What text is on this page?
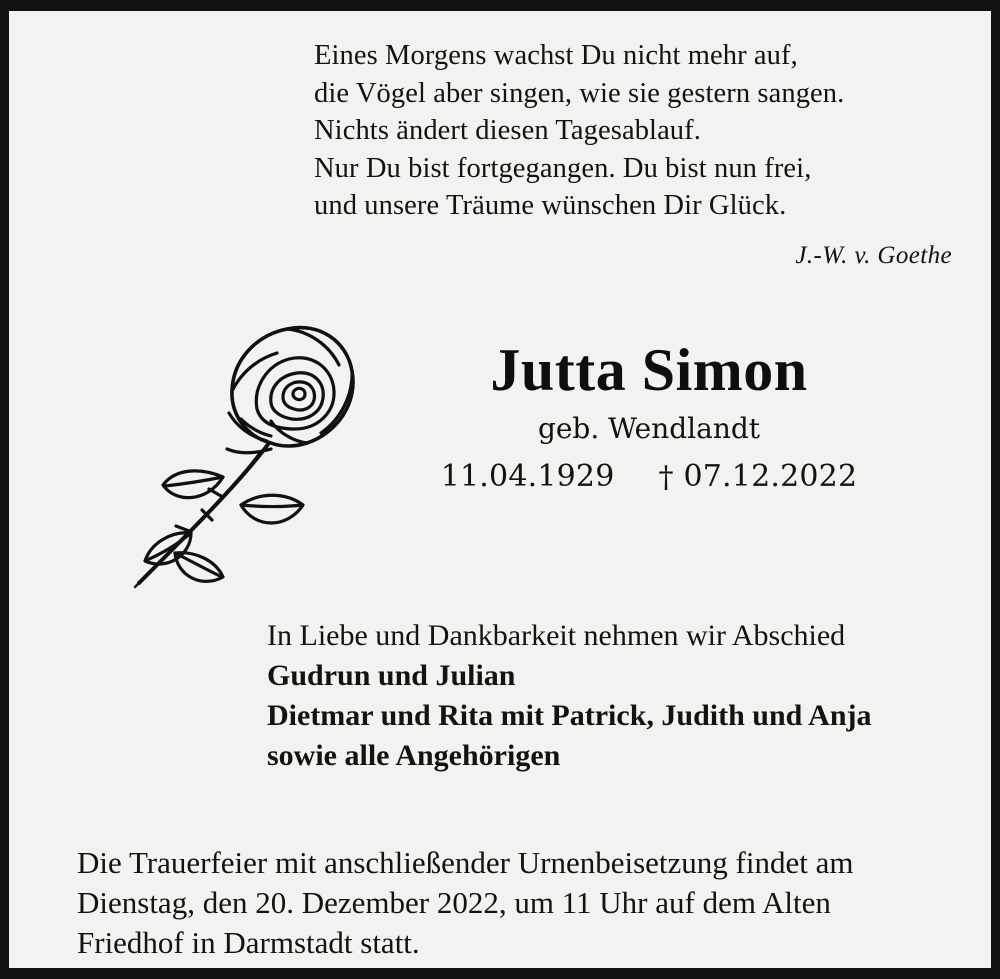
Eines Morgens wachst Du nicht mehr auf,
die Vögel aber singen, wie sie gestern sangen.
Nichts ändert diesen Tagesablauf.
Nur Du bist fortgegangen. Du bist nun frei,
und unsere Träume wünschen Dir Glück.
J.-W. v. Goethe
Jutta Simon
geb. Wendlandt
11.04.1929 † 07.12.2022
In Liebe und Dankbarkeit nehmen wir Abschied
Gudrun und Julian
Dietmar und Rita mit Patrick, Judith und Anja
sowie alle Angehörigen
Die Trauerfeier mit anschließender Urnenbeisetzung findet am
Dienstag, den 20. Dezember 2022, um 11 Uhr auf dem Alten
Friedhof in Darmstadt statt.
